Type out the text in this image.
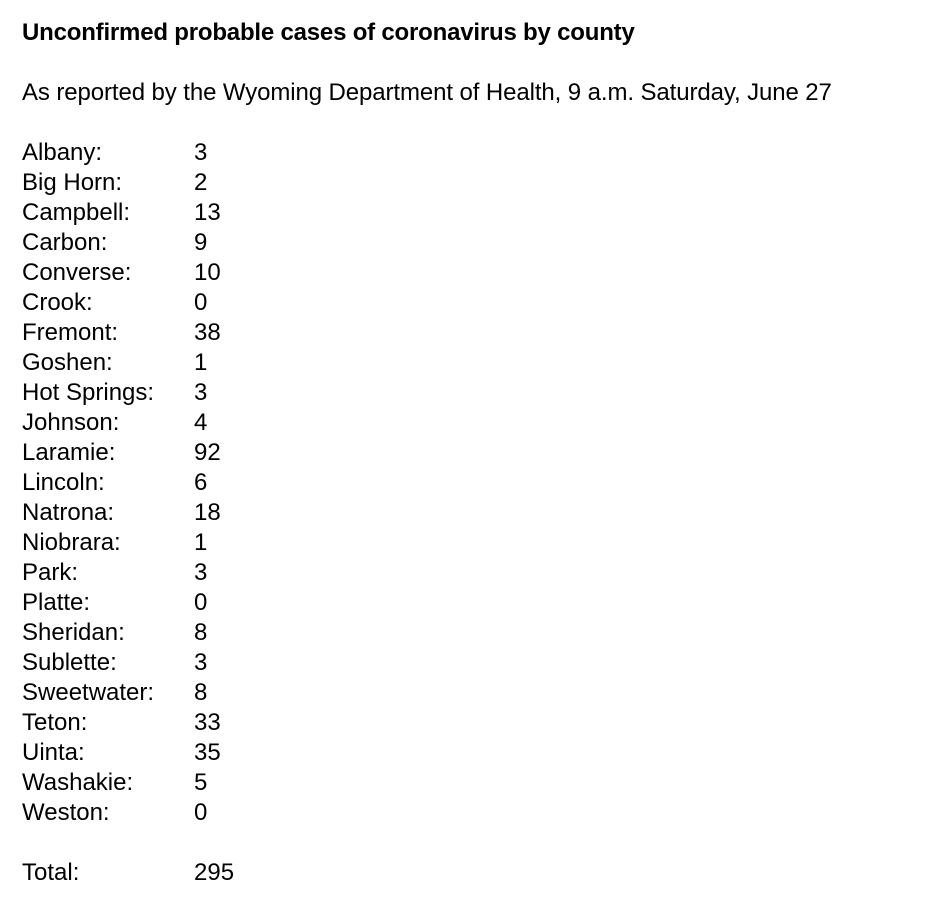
Unconfirmed probable cases of coronavirus by county
As reported by the Wyoming Department of Health, 9 a.m. Saturday, June 27
Albany:	3
Big Horn:	2
Campbell:	13
Carbon:	9
Converse:	10
Crook:	0
Fremont:	38
Goshen:	1
Hot Springs: 3
Johnson:	4
Laramie:	92
Lincoln:	6
Natrona:	18
Niobrara:	1
Park:	3
Platte:	0
Sheridan:	8
Sublette:	3
Sweetwater: 8
Teton:	33
Uinta:	35
Washakie:	5
Weston:	0
Total:	295
